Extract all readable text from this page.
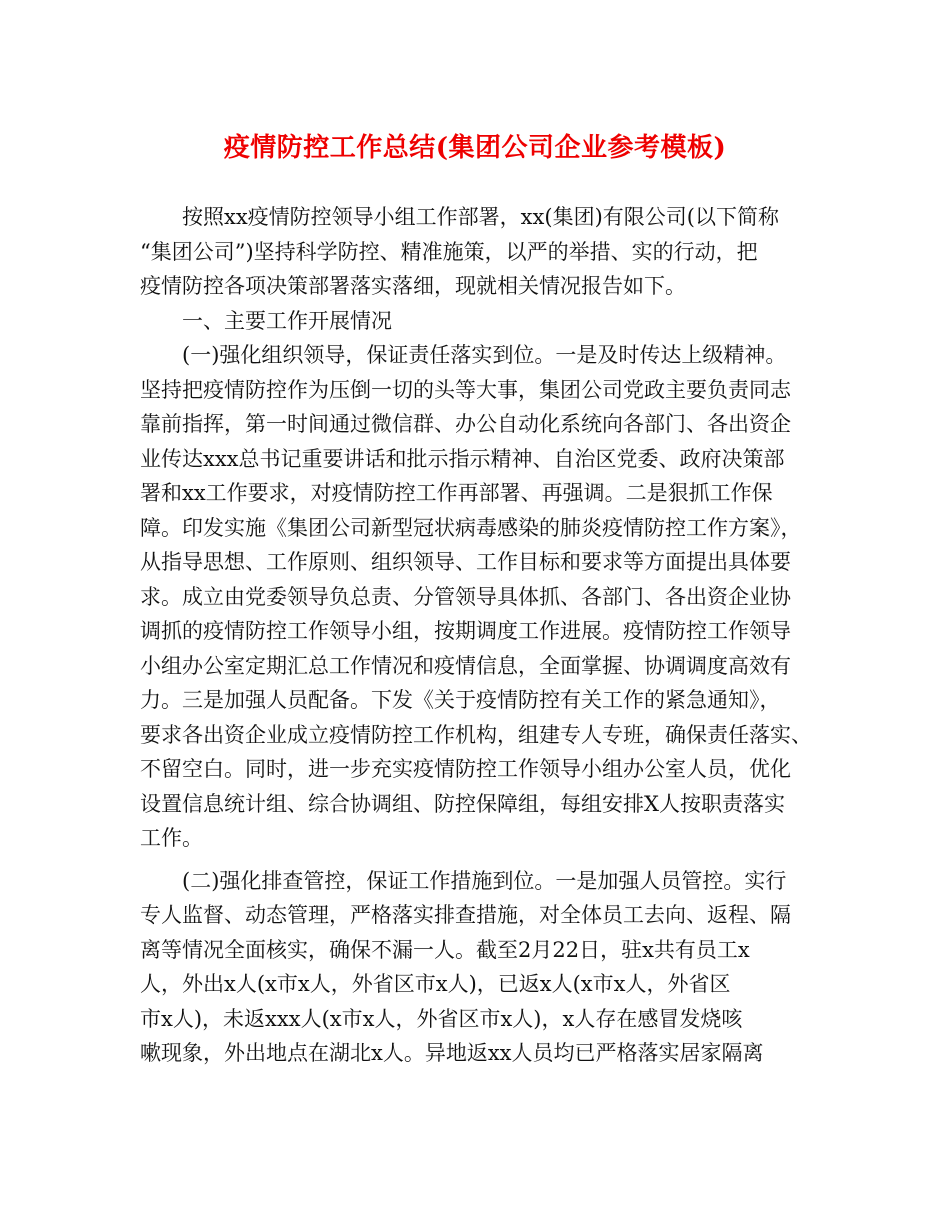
疫情防控工作总结(集团公司企业参考模板)
按照xx疫情防控领导小组工作部署，xx(集团)有限公司(以下简称
“集团公司”)坚持科学防控、精准施策，以严的举措、实的行动，把
疫情防控各项决策部署落实落细，现就相关情况报告如下。
一、主要工作开展情况
(一)强化组织领导，保证责任落实到位。一是及时传达上级精神。
坚持把疫情防控作为压倒一切的头等大事，集团公司党政主要负责同志
靠前指挥，第一时间通过微信群、办公自动化系统向各部门、各出资企
业传达xxx总书记重要讲话和批示指示精神、自治区党委、政府决策部
署和xx工作要求，对疫情防控工作再部署、再强调。二是狠抓工作保
障。印发实施《集团公司新型冠状病毒感染的肺炎疫情防控工作方案》，
从指导思想、工作原则、组织领导、工作目标和要求等方面提出具体要
求。成立由党委领导负总责、分管领导具体抓、各部门、各出资企业协
调抓的疫情防控工作领导小组，按期调度工作进展。疫情防控工作领导
小组办公室定期汇总工作情况和疫情信息，全面掌握、协调调度高效有
力。三是加强人员配备。下发《关于疫情防控有关工作的紧急通知》，
要求各出资企业成立疫情防控工作机构，组建专人专班，确保责任落实、
不留空白。同时，进一步充实疫情防控工作领导小组办公室人员，优化
设置信息统计组、综合协调组、防控保障组，每组安排X人按职责落实
工作。
(二)强化排查管控，保证工作措施到位。一是加强人员管控。实行
专人监督、动态管理，严格落实排查措施，对全体员工去向、返程、隔
离等情况全面核实，确保不漏一人。截至2月22日，驻x共有员工x
人，外出x人(x市x人，外省区市x人)，已返x人(x市x人，外省区
市x人)，未返xxx人(x市x人，外省区市x人)，x人存在感冒发烧咳
嗽现象，外出地点在湖北x人。异地返xx人员均已严格落实居家隔离
